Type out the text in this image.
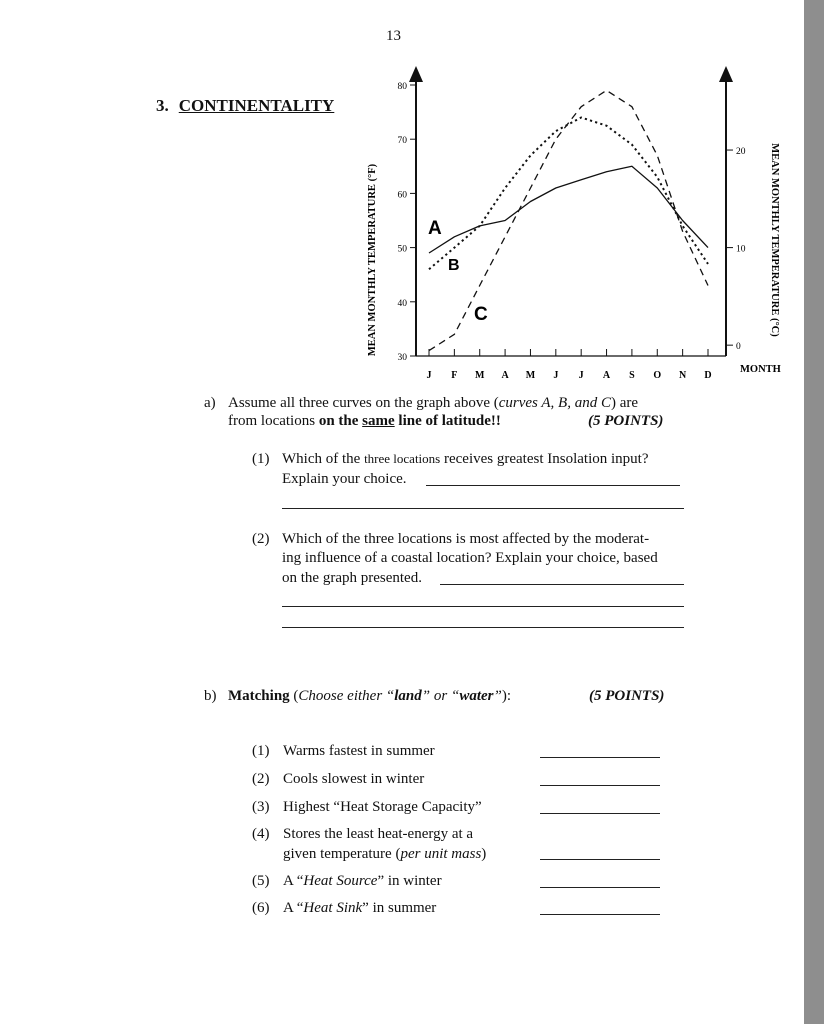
13
3. CONTINENTALITY
30
40
50
60
70
80
0
10
20
J F M A M J J A S O N D
MEAN MONTHLY TEMPERATURE (°F)	MEAN MONTHLY TEMPERATURE (°C)
MONTH
A
B
C
a) Assume all three curves on the graph above (curves A, B, and C) are
from locations on the same line of latitude!!	(5 POINTS)
(1) Which of the three locations receives greatest Insolation input?
Explain your choice.
(2) Which of the three locations is most affected by the moderat-
ing influence of a coastal location? Explain your choice, based
on the graph presented.
b) Matching (Choose either “land” or “water”):	(5 POINTS)
(1) Warms fastest in summer
(2) Cools slowest in winter
(3) Highest “Heat Storage Capacity”
(4) Stores the least heat-energy at a
given temperature (per unit mass)
(5) A “Heat Source” in winter
(6) A “Heat Sink” in summer
